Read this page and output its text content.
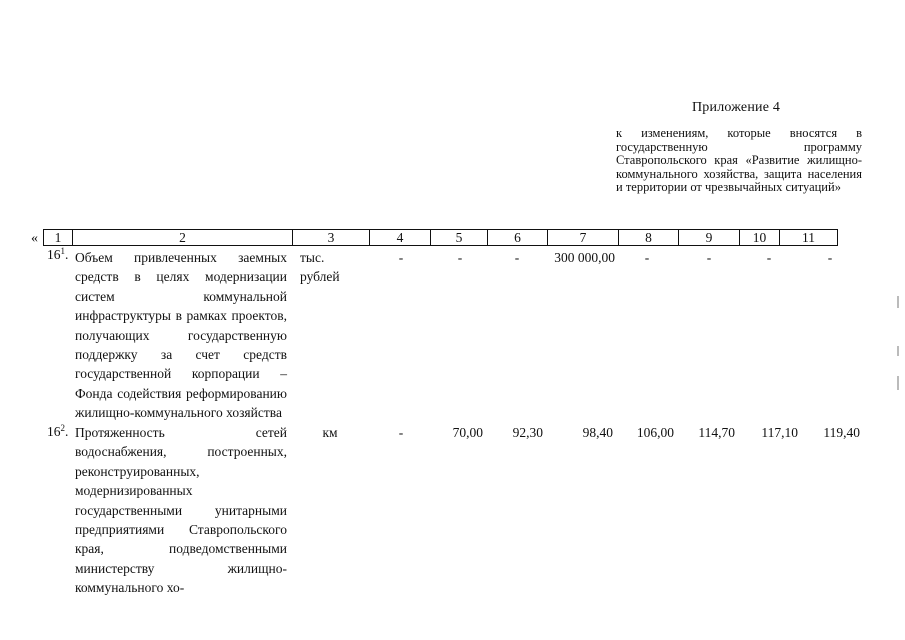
Приложение 4
к изменениям, которые вносятся в государственную программу Ставропольского края «Развитие жилищно-коммунального хозяйства, защита населения и территории от чрезвычайных ситуаций»
« 1	2	3	4	5	6	7	8	9	10	11
$16^1$. Объем привлеченных заемных средств в целях модернизации систем коммунальной инфраструктуры в рамках проектов, получающих государственную поддержку за счет средств государственной корпорации – Фонда содействия реформированию жилищно-коммунального хозяйства
тыс. рублей
-	-	-	300 000,00	-	-	-	-
$16^2$. Протяженность сетей водоснабжения, построенных, реконструированных, модернизированных государственными унитарными предприятиями Ставропольского края, подведомственными министерству жилищно-коммунального хо-
км	-	70,00	92,30	98,40	106,00	114,70	117,10	119,40
